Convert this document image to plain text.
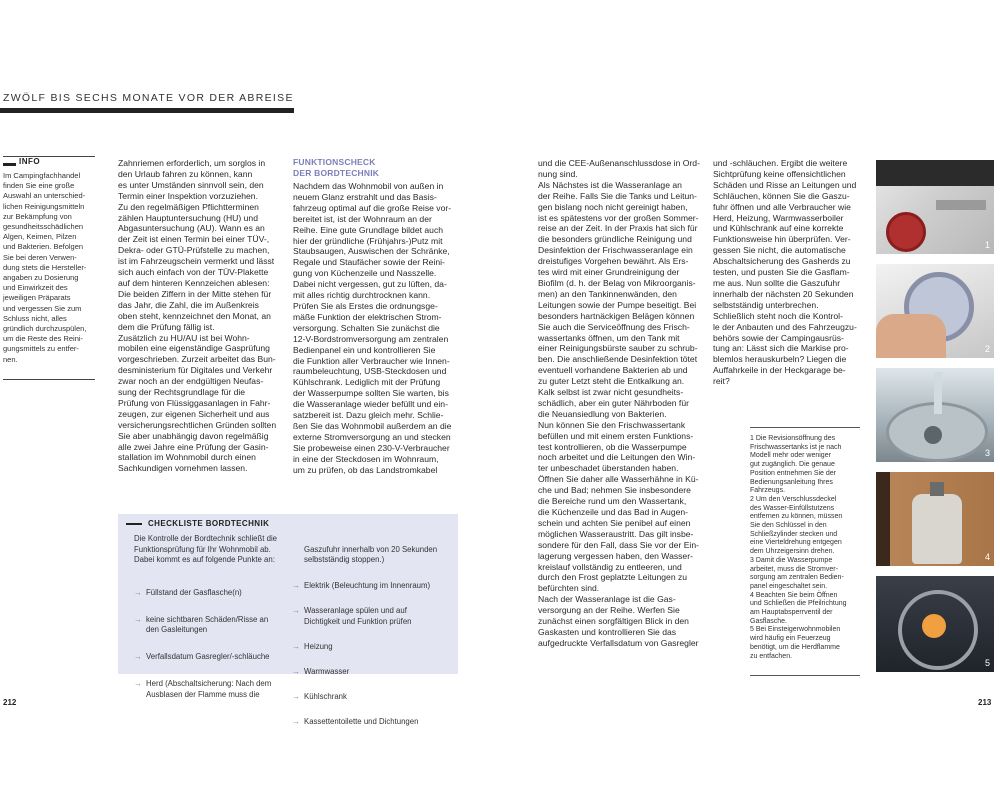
ZWÖLF BIS SECHS MONATE VOR DER ABREISE
INFO
Im Campingfachhandel
finden Sie eine große
Auswahl an unterschied-
lichen Reinigungsmitteln
zur Bekämpfung von
gesundheitsschädlichen
Algen, Keimen, Pilzen
und Bakterien. Befolgen
Sie bei deren Verwen-
dung stets die Hersteller-
angaben zu Dosierung
und Einwirkzeit des
jeweiligen Präparats
und vergessen Sie zum
Schluss nicht, alles
gründlich durchzuspülen,
um die Reste des Reini-
gungsmittels zu entfer-
nen.
Zahnriemen erforderlich, um sorglos in
den Urlaub fahren zu können, kann
es unter Umständen sinnvoll sein, den
Termin einer Inspektion vorzuziehen.
Zu den regelmäßigen Pflichtterminen
zählen Hauptuntersuchung (HU) und
Abgasuntersuchung (AU). Wann es an
der Zeit ist einen Termin bei einer TÜV-,
Dekra- oder GTÜ-Prüfstelle zu machen,
ist im Fahrzeugschein vermerkt und lässt
sich auch einfach von der TÜV-Plakette
auf dem hinteren Kennzeichen ablesen:
Die beiden Ziffern in der Mitte stehen für
das Jahr, die Zahl, die im Außenkreis
oben steht, kennzeichnet den Monat, an
dem die Prüfung fällig ist.
Zusätzlich zu HU/AU ist bei Wohn-
mobilen eine eigenständige Gasprüfung
vorgeschrieben. Zurzeit arbeitet das Bun-
desministerium für Digitales und Verkehr
zwar noch an der endgültigen Neufas-
sung der Rechtsgrundlage für die
Prüfung von Flüssiggasanlagen in Fahr-
zeugen, zur eigenen Sicherheit und aus
versicherungsrechtlichen Gründen sollten
Sie aber unabhängig davon regelmäßig
alle zwei Jahre eine Prüfung der Gasin-
stallation im Wohnmobil durch einen
Sachkundigen vornehmen lassen.
FUNKTIONSCHECK
DER BORDTECHNIK
Nachdem das Wohnmobil von außen in
neuem Glanz erstrahlt und das Basis-
fahrzeug optimal auf die große Reise vor-
bereitet ist, ist der Wohnraum an der
Reihe. Eine gute Grundlage bildet auch
hier der gründliche (Frühjahrs-)Putz mit
Staubsaugen, Auswischen der Schränke,
Regale und Staufächer sowie der Reini-
gung von Küchenzeile und Nasszelle.
Dabei nicht vergessen, gut zu lüften, da-
mit alles richtig durchtrocknen kann.
Prüfen Sie als Erstes die ordnungsge-
mäße Funktion der elektrischen Strom-
versorgung. Schalten Sie zunächst die
12-V-Bordstromversorgung am zentralen
Bedienpanel ein und kontrollieren Sie
die Funktion aller Verbraucher wie Innen-
raumbeleuchtung, USB-Steckdosen und
Kühlschrank. Lediglich mit der Prüfung
der Wasserpumpe sollten Sie warten, bis
die Wasseranlage wieder befüllt und ein-
satzbereit ist. Dazu gleich mehr. Schlie-
ßen Sie das Wohnmobil außerdem an die
externe Stromversorgung an und stecken
Sie probeweise einen 230-V-Verbraucher
in eine der Steckdosen im Wohnraum,
um zu prüfen, ob das Landstromkabel
CHECKLISTE BORDTECHNIK
Die Kontrolle der Bordtechnik schließt die
Funktionsprüfung für Ihr Wohnmobil ab.
Dabei kommt es auf folgende Punkte an:

→ Füllstand der Gasflasche(n)

→ keine sichtbaren Schäden/Risse an
den Gasleitungen

→ Verfallsdatum Gasregler/-schläuche

→ Herd (Abschaltsicherung: Nach dem
Ausblasen der Flamme muss die

Gaszufuhr innerhalb von 20 Sekunden
selbstständig stoppen.)

→ Elektrik (Beleuchtung im Innenraum)

→ Wasseranlage spülen und auf
Dichtigkeit und Funktion prüfen

→ Heizung

→ Warmwasser

→ Kühlschrank

→ Kassettentoilette und Dichtungen

und die CEE-Außenanschlussdose in Ord-
nung sind.
Als Nächstes ist die Wasseranlage an
der Reihe. Falls Sie die Tanks und Leitun-
gen bislang noch nicht gereinigt haben,
ist es spätestens vor der großen Sommer-
reise an der Zeit. In der Praxis hat sich für
die besonders gründliche Reinigung und
Desinfektion der Frischwasseranlage ein
dreistufiges Vorgehen bewährt. Als Ers-
tes wird mit einer Grundreinigung der
Biofilm (d. h. der Belag von Mikroorganis-
men) an den Tankinnenwänden, den
Leitungen sowie der Pumpe beseitigt. Bei
besonders hartnäckigen Belägen können
Sie auch die Serviceöffnung des Frisch-
wassertanks öffnen, um den Tank mit
einer Reinigungsbürste sauber zu schrub-
ben. Die anschließende Desinfektion tötet
eventuell vorhandene Bakterien ab und
zu guter Letzt steht die Entkalkung an.
Kalk selbst ist zwar nicht gesundheits-
schädlich, aber ein guter Nährboden für
die Neuansiedlung von Bakterien.
Nun können Sie den Frischwassertank
befüllen und mit einem ersten Funktions-
test kontrollieren, ob die Wasserpumpe
noch arbeitet und die Leitungen den Win-
ter unbeschadet überstanden haben.
Öffnen Sie daher alle Wasserhähne in Kü-
che und Bad; nehmen Sie insbesondere
die Bereiche rund um den Wassertank,
die Küchenzeile und das Bad in Augen-
schein und achten Sie penibel auf einen
möglichen Wasseraustritt. Das gilt insbe-
sondere für den Fall, dass Sie vor der Ein-
lagerung vergessen haben, den Wasser-
kreislauf vollständig zu entleeren, und
durch den Frost geplatzte Leitungen zu
befürchten sind.
Nach der Wasseranlage ist die Gas-
versorgung an der Reihe. Werfen Sie
zunächst einen sorgfältigen Blick in den
Gaskasten und kontrollieren Sie das
aufgedruckte Verfallsdatum von Gasregler
und -schläuchen. Ergibt die weitere
Sichtprüfung keine offensichtlichen
Schäden und Risse an Leitungen und
Schläuchen, können Sie die Gaszu-
fuhr öffnen und alle Verbraucher wie
Herd, Heizung, Warmwasserboiler
und Kühlschrank auf eine korrekte
Funktionsweise hin überprüfen. Ver-
gessen Sie nicht, die automatische
Abschaltsicherung des Gasherds zu
testen, und pusten Sie die Gasflam-
me aus. Nun sollte die Gaszufuhr
innerhalb der nächsten 20 Sekunden
selbstständig unterbrechen.
Schließlich steht noch die Kontrol-
le der Anbauten und des Fahrzeugzu-
behörs sowie der Campingausrüs-
tung an: Lässt sich die Markise pro-
blemlos herauskurbeln? Liegen die
Auffahrkeile in der Heckgarage be-
reit?
1 Die Revisionsöffnung des
Frischwassertanks ist je nach
Modell mehr oder weniger
gut zugänglich. Die genaue
Position entnehmen Sie der
Bedienungsanleitung Ihres
Fahrzeugs.
2 Um den Verschlussdeckel
des Wasser-Einfüllstutzens
entfernen zu können, müssen
Sie den Schlüssel in den
Schließzylinder stecken und
eine Vierteldrehung entgegen
dem Uhrzeigersinn drehen.
3 Damit die Wasserpumpe
arbeitet, muss die Stromver-
sorgung am zentralen Bedien-
panel eingeschaltet sein.
4 Beachten Sie beim Öffnen
und Schließen die Pfeilrichtung
am Hauptabsperrventil der
Gasflasche.
5 Bei Einsteigerwohnmobilen
wird häufig ein Feuerzeug
benötigt, um die Herdflamme
zu entfachen.
1
2
3
4
5
212	213
